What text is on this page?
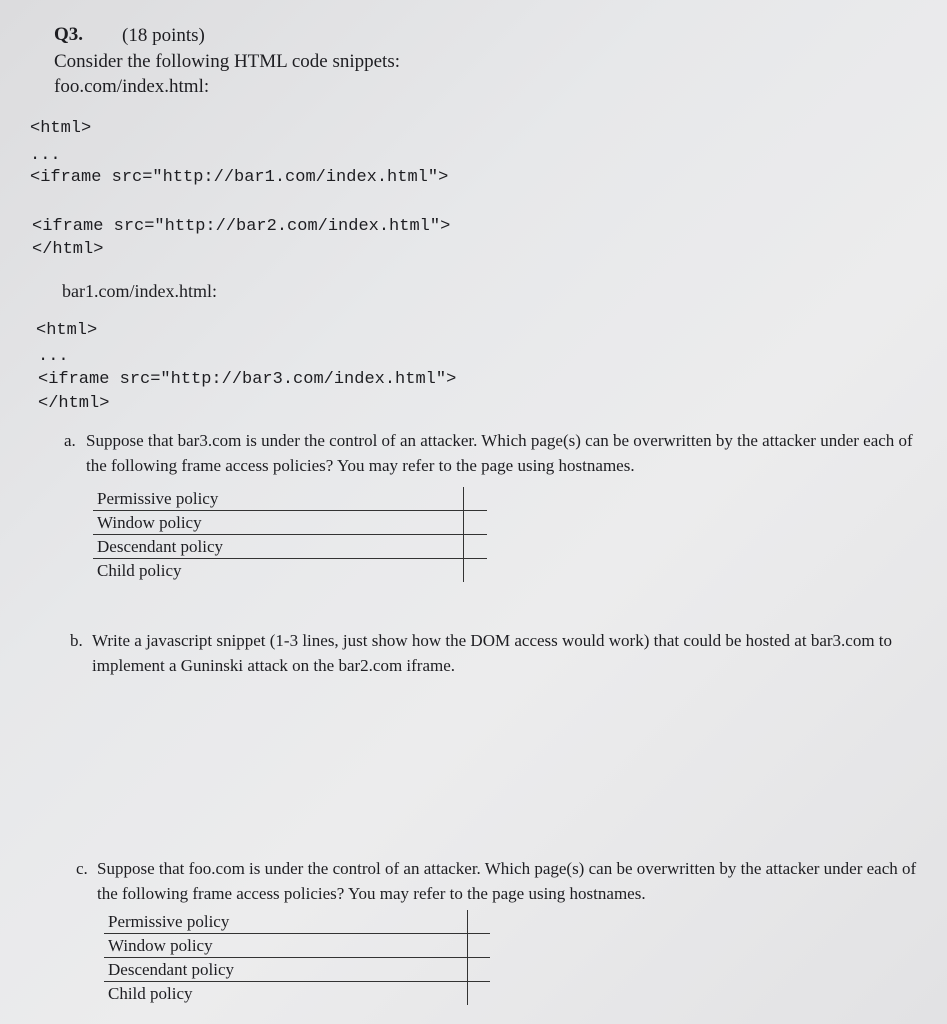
Q3. (18 points)
Consider the following HTML code snippets:
foo.com/index.html:
<html>
...
<iframe src="http://bar1.com/index.html">
<iframe src="http://bar2.com/index.html">
</html>
bar1.com/index.html:
<html>
...
<iframe src="http://bar3.com/index.html">
</html>
a. Suppose that bar3.com is under the control of an attacker. Which page(s) can be overwritten by the attacker under each of the following frame access policies? You may refer to the page using hostnames.
Permissive policy	
Window policy	
Descendant policy	
Child policy	
b. Write a javascript snippet (1-3 lines, just show how the DOM access would work) that could be hosted at bar3.com to implement a Guninski attack on the bar2.com iframe.
c. Suppose that foo.com is under the control of an attacker. Which page(s) can be overwritten by the attacker under each of the following frame access policies? You may refer to the page using hostnames.
Permissive policy	
Window policy	
Descendant policy	
Child policy	
